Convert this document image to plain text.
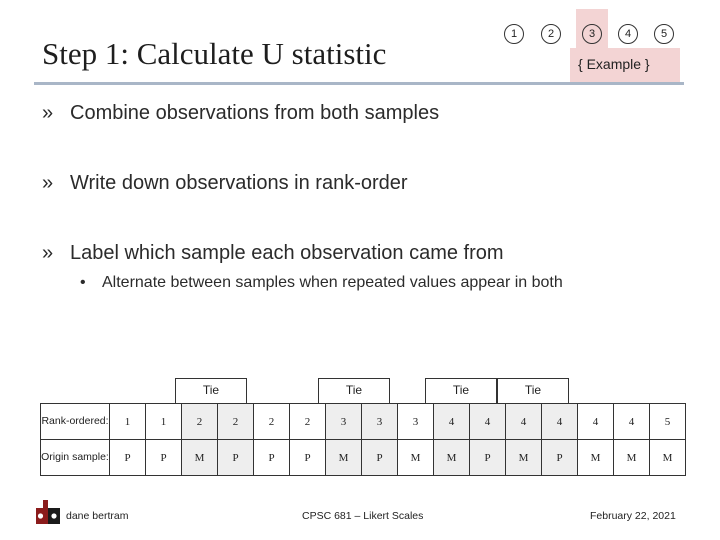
1	2	3	4	5
{ Example }
Step 1: Calculate U statistic
» Combine observations from both samples
» Write down observations in rank-order
» Label which sample each observation came from
• Alternate between samples when repeated values appear in both
Tie	Tie	Tie	Tie
Rank-ordered:	1	1	2	2	2	2	3	3	3	4	4	4	4	4	4	5
Origin sample:	P	P	M	P	P	P	M	P	M	M	P	M	P	M	M	M
dane bertram	CPSC 681 – Likert Scales	February 22, 2021
